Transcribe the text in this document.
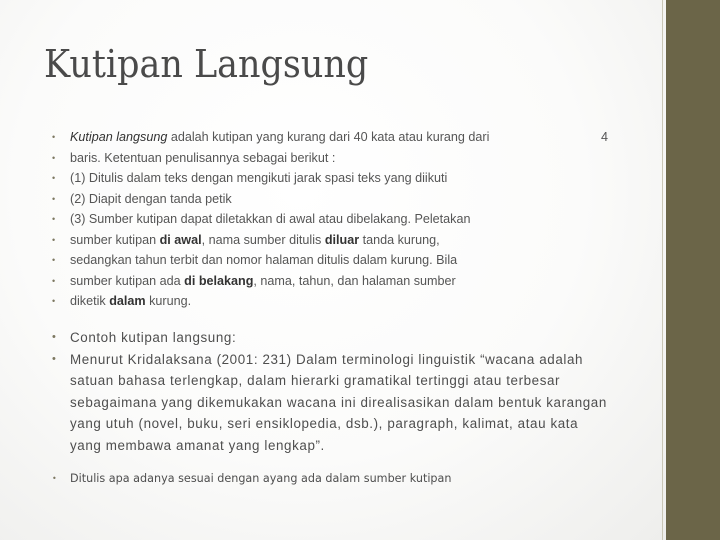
Kutipan Langsung
• Kutipan langsung adalah kutipan yang kurang dari 40 kata atau kurang dari
• baris. Ketentuan penulisannya sebagai berikut :
• (1) Ditulis dalam teks dengan mengikuti jarak spasi teks yang diikuti
• (2) Diapit dengan tanda petik
• (3) Sumber kutipan dapat diletakkan di awal atau dibelakang. Peletakan
• sumber kutipan di awal, nama sumber ditulis diluar tanda kurung,
• sedangkan tahun terbit dan nomor halaman ditulis dalam kurung. Bila
• sumber kutipan ada di belakang, nama, tahun, dan halaman sumber
• diketik dalam kurung.
4
• Contoh kutipan langsung:
• Menurut Kridalaksana (2001: 231) Dalam terminologi linguistik “wacana adalah satuan bahasa terlengkap, dalam hierarki gramatikal tertinggi atau terbesar sebagaimana yang dikemukakan wacana ini direalisasikan dalam bentuk karangan yang utuh (novel, buku, seri ensiklopedia, dsb.), paragraph, kalimat, atau kata yang membawa amanat yang lengkap”.
• Ditulis apa adanya sesuai dengan ayang ada dalam sumber kutipan
